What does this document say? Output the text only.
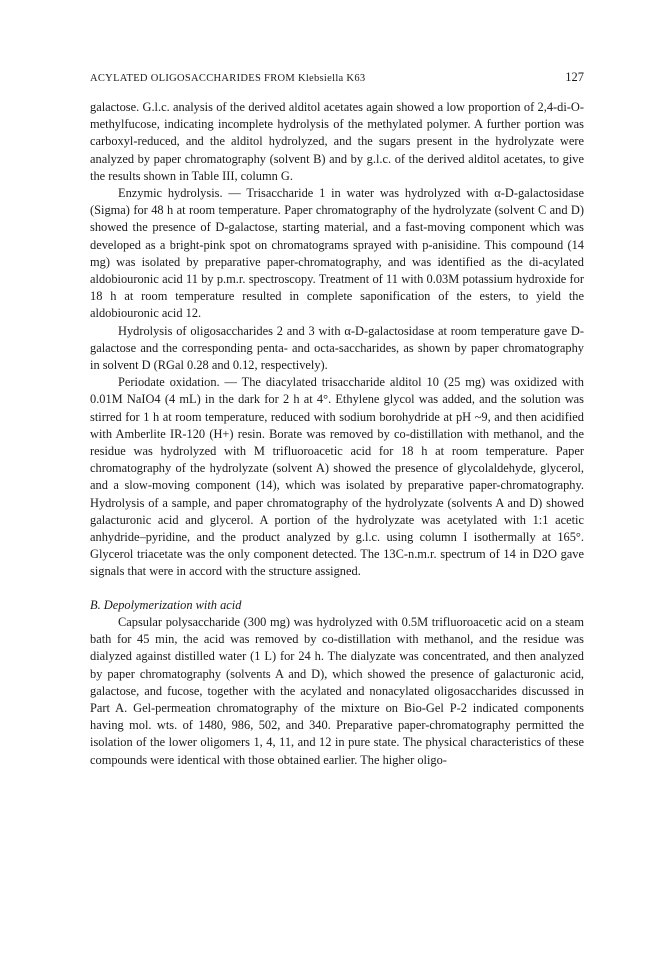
ACYLATED OLIGOSACCHARIDES FROM Klebsiella K63	127

galactose. G.l.c. analysis of the derived alditol acetates again showed a low proportion of 2,4-di-O-methylfucose, indicating incomplete hydrolysis of the methylated polymer. A further portion was carboxyl-reduced, and the alditol hydrolyzed, and the sugars present in the hydrolyzate were analyzed by paper chromatography (solvent B) and by g.l.c. of the derived alditol acetates, to give the results shown in Table III, column G.

Enzymic hydrolysis. — Trisaccharide 1 in water was hydrolyzed with α-D-galactosidase (Sigma) for 48 h at room temperature. Paper chromatography of the hydrolyzate (solvent C and D) showed the presence of D-galactose, starting material, and a fast-moving component which was developed as a bright-pink spot on chromatograms sprayed with p-anisidine. This compound (14 mg) was isolated by preparative paper-chromatography, and was identified as the di-acylated aldobiouronic acid 11 by p.m.r. spectroscopy. Treatment of 11 with 0.03M potassium hydroxide for 18 h at room temperature resulted in complete saponification of the esters, to yield the aldobiouronic acid 12.

Hydrolysis of oligosaccharides 2 and 3 with α-D-galactosidase at room temperature gave D-galactose and the corresponding penta- and octa-saccharides, as shown by paper chromatography in solvent D (RGal 0.28 and 0.12, respectively).

Periodate oxidation. — The diacylated trisaccharide alditol 10 (25 mg) was oxidized with 0.01M NaIO4 (4 mL) in the dark for 2 h at 4°. Ethylene glycol was added, and the solution was stirred for 1 h at room temperature, reduced with sodium borohydride at pH ~9, and then acidified with Amberlite IR-120 (H+) resin. Borate was removed by co-distillation with methanol, and the residue was hydrolyzed with M trifluoroacetic acid for 18 h at room temperature. Paper chromatography of the hydrolyzate (solvent A) showed the presence of glycolaldehyde, glycerol, and a slow-moving component (14), which was isolated by preparative paper-chromatography. Hydrolysis of a sample, and paper chromatography of the hydrolyzate (solvents A and D) showed galacturonic acid and glycerol. A portion of the hydrolyzate was acetylated with 1:1 acetic anhydride–pyridine, and the product analyzed by g.l.c. using column I isothermally at 165°. Glycerol triacetate was the only component detected. The 13C-n.m.r. spectrum of 14 in D2O gave signals that were in accord with the structure assigned.

B. Depolymerization with acid

Capsular polysaccharide (300 mg) was hydrolyzed with 0.5M trifluoroacetic acid on a steam bath for 45 min, the acid was removed by co-distillation with methanol, and the residue was dialyzed against distilled water (1 L) for 24 h. The dialyzate was concentrated, and then analyzed by paper chromatography (solvents A and D), which showed the presence of galacturonic acid, galactose, and fucose, together with the acylated and nonacylated oligosaccharides discussed in Part A. Gel-permeation chromatography of the mixture on Bio-Gel P-2 indicated components having mol. wts. of 1480, 986, 502, and 340. Preparative paper-chromatography permitted the isolation of the lower oligomers 1, 4, 11, and 12 in pure state. The physical characteristics of these compounds were identical with those obtained earlier. The higher oligo-
